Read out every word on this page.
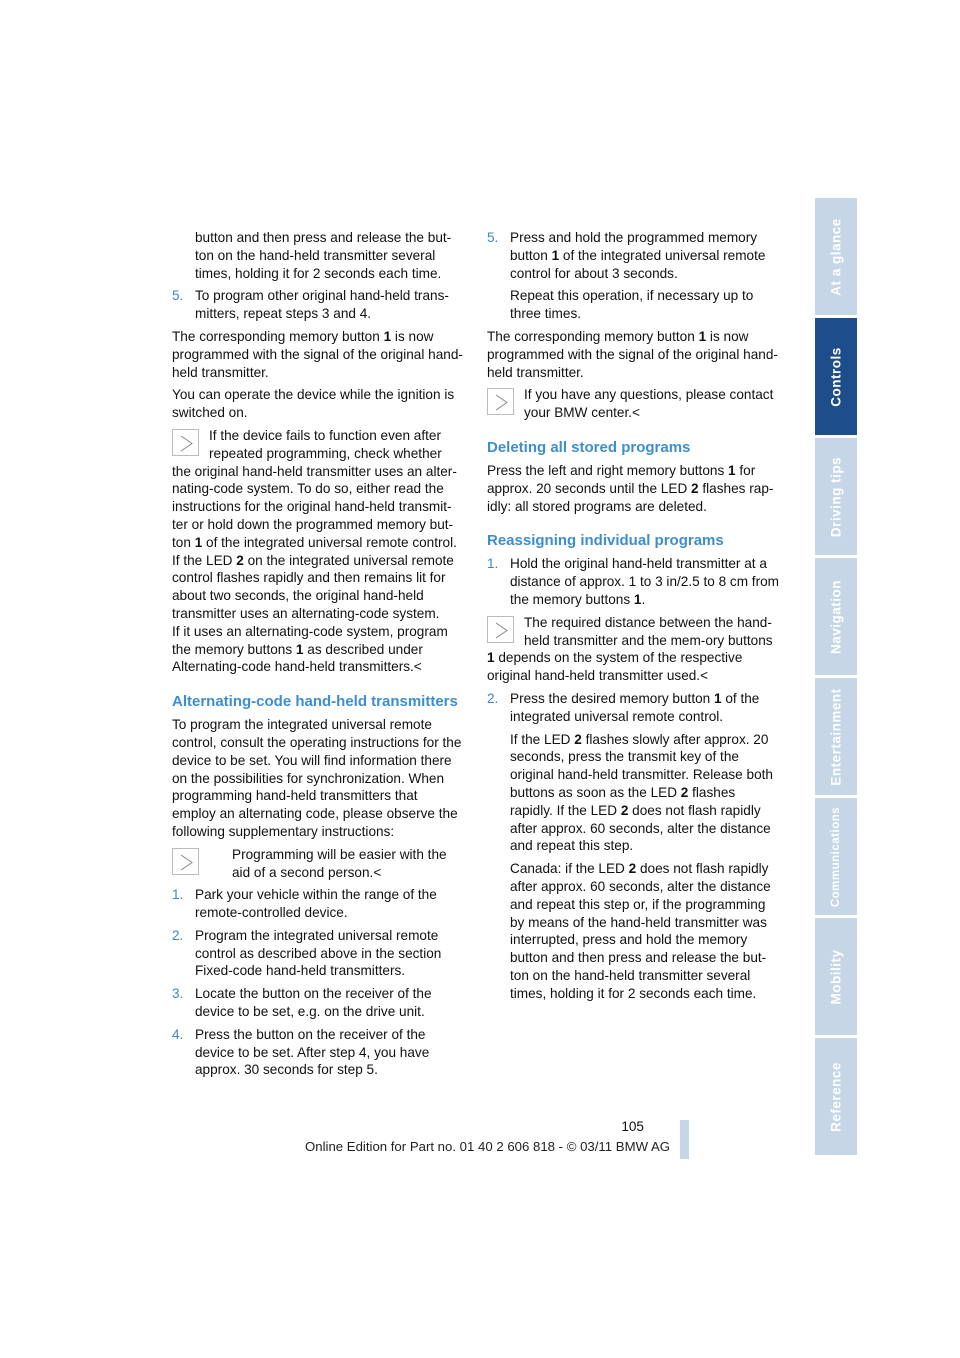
button and then press and release the but-ton on the hand-held transmitter several times, holding it for 2 seconds each time.

5. To program other original hand-held trans-mitters, repeat steps 3 and 4.

The corresponding memory button 1 is now programmed with the signal of the original hand-held transmitter.

You can operate the device while the ignition is switched on.

If the device fails to function even after repeated programming, check whether the original hand-held transmitter uses an alter-nating-code system. To do so, either read the instructions for the original hand-held transmit-ter or hold down the programmed memory but-ton 1 of the integrated universal remote control.
If the LED 2 on the integrated universal remote control flashes rapidly and then remains lit for about two seconds, the original hand-held transmitter uses an alternating-code system.
If it uses an alternating-code system, program the memory buttons 1 as described under Alternating-code hand-held transmitters.<

Alternating-code hand-held transmitters

To program the integrated universal remote control, consult the operating instructions for the device to be set. You will find information there on the possibilities for synchronization. When programming hand-held transmitters that employ an alternating code, please observe the following supplementary instructions:

Programming will be easier with the aid of a second person.<

1. Park your vehicle within the range of the remote-controlled device.

2. Program the integrated universal remote control as described above in the section Fixed-code hand-held transmitters.

3. Locate the button on the receiver of the device to be set, e.g. on the drive unit.

4. Press the button on the receiver of the device to be set. After step 4, you have approx. 30 seconds for step 5.

5. Press and hold the programmed memory button 1 of the integrated universal remote control for about 3 seconds.

Repeat this operation, if necessary up to three times.

The corresponding memory button 1 is now programmed with the signal of the original hand-held transmitter.

If you have any questions, please contact your BMW center.<

Deleting all stored programs

Press the left and right memory buttons 1 for approx. 20 seconds until the LED 2 flashes rap-idly: all stored programs are deleted.

Reassigning individual programs
1. Hold the original hand-held transmitter at a distance of approx. 1 to 3 in/2.5 to 8 cm from the memory buttons 1.

The required distance between the hand-held transmitter and the mem-ory buttons 1 depends on the system of the respective original hand-held transmitter used.<

2. Press the desired memory button 1 of the integrated universal remote control.

If the LED 2 flashes slowly after approx. 20 seconds, press the transmit key of the original hand-held transmitter. Release both buttons as soon as the LED 2 flashes rapidly. If the LED 2 does not flash rapidly after approx. 60 seconds, alter the distance and repeat this step.

Canada: if the LED 2 does not flash rapidly after approx. 60 seconds, alter the distance and repeat this step or, if the programming by means of the hand-held transmitter was interrupted, press and hold the memory button and then press and release the but-ton on the hand-held transmitter several times, holding it for 2 seconds each time.

At a glance
Controls
Driving tips
Navigation
Entertainment
Communications
Mobility
Reference
105
Online Edition for Part no. 01 40 2 606 818 - © 03/11 BMW AG
